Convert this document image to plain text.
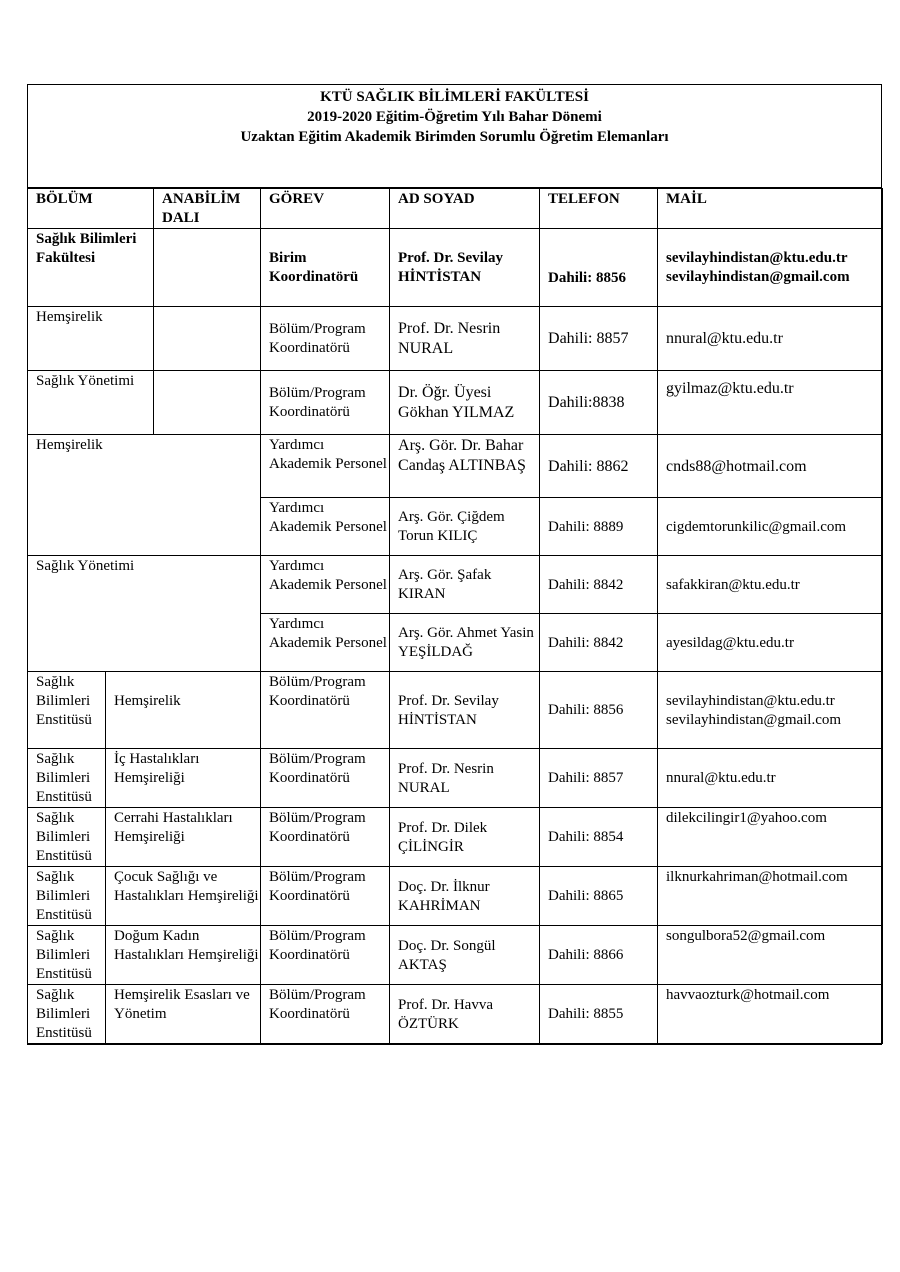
KTÜ SAĞLIK BİLİMLERİ FAKÜLTESİ
2019-2020 Eğitim-Öğretim Yılı Bahar Dönemi
Uzaktan Eğitim Akademik Birimden Sorumlu Öğretim Elemanları
BÖLÜM		ANABİLİM DALI	GÖREV	AD SOYAD	TELEFON	MAİL
Sağlık Bilimleri Fakültesi			Birim Koordinatörü	Prof. Dr. Sevilay HİNTİSTAN	Dahili: 8856	sevilayhindistan@ktu.edu.tr
sevilayhindistan@gmail.com

Hemşirelik			Bölüm/Program Koordinatörü	Prof. Dr. Nesrin NURAL	Dahili: 8857	nnural@ktu.edu.tr

Sağlık Yönetimi			Bölüm/Program Koordinatörü	Dr. Öğr. Üyesi Gökhan YILMAZ	Dahili:8838	gyilmaz@ktu.edu.tr

Hemşirelik			Yardımcı Akademik Personel	Arş. Gör. Dr. Bahar Candaş ALTINBAŞ	Dahili: 8862	cnds88@hotmail.com

			Yardımcı Akademik Personel	Arş. Gör. Çiğdem Torun KILIÇ	Dahili: 8889	cigdemtorunkilic@gmail.com

Sağlık Yönetimi			Yardımcı Akademik Personel	Arş. Gör. Şafak KIRAN	Dahili: 8842	safakkiran@ktu.edu.tr

			Yardımcı Akademik Personel	Arş. Gör. Ahmet Yasin YEŞİLDAĞ	Dahili: 8842	ayesildag@ktu.edu.tr

Sağlık Bilimleri Enstitüsü	Hemşirelik		Bölüm/Program Koordinatörü	Prof. Dr. Sevilay HİNTİSTAN	Dahili: 8856	sevilayhindistan@ktu.edu.tr
sevilayhindistan@gmail.com

Sağlık Bilimleri Enstitüsü	İç Hastalıkları Hemşireliği		Bölüm/Program Koordinatörü	Prof. Dr. Nesrin NURAL	Dahili: 8857	nnural@ktu.edu.tr

Sağlık Bilimleri Enstitüsü	Cerrahi Hastalıkları Hemşireliği		Bölüm/Program Koordinatörü	Prof. Dr. Dilek ÇİLİNGİR	Dahili: 8854	dilekcilingir1@yahoo.com

Sağlık Bilimleri Enstitüsü	Çocuk Sağlığı ve Hastalıkları Hemşireliği		Bölüm/Program Koordinatörü	Doç. Dr. İlknur KAHRİMAN	Dahili: 8865	ilknurkahriman@hotmail.com

Sağlık Bilimleri Enstitüsü	Doğum Kadın Hastalıkları Hemşireliği		Bölüm/Program Koordinatörü	Doç. Dr. Songül AKTAŞ	Dahili: 8866	songulbora52@gmail.com

Sağlık Bilimleri Enstitüsü	Hemşirelik Esasları ve Yönetim		Bölüm/Program Koordinatörü	Prof. Dr. Havva ÖZTÜRK	Dahili: 8855	havvaozturk@hotmail.com
